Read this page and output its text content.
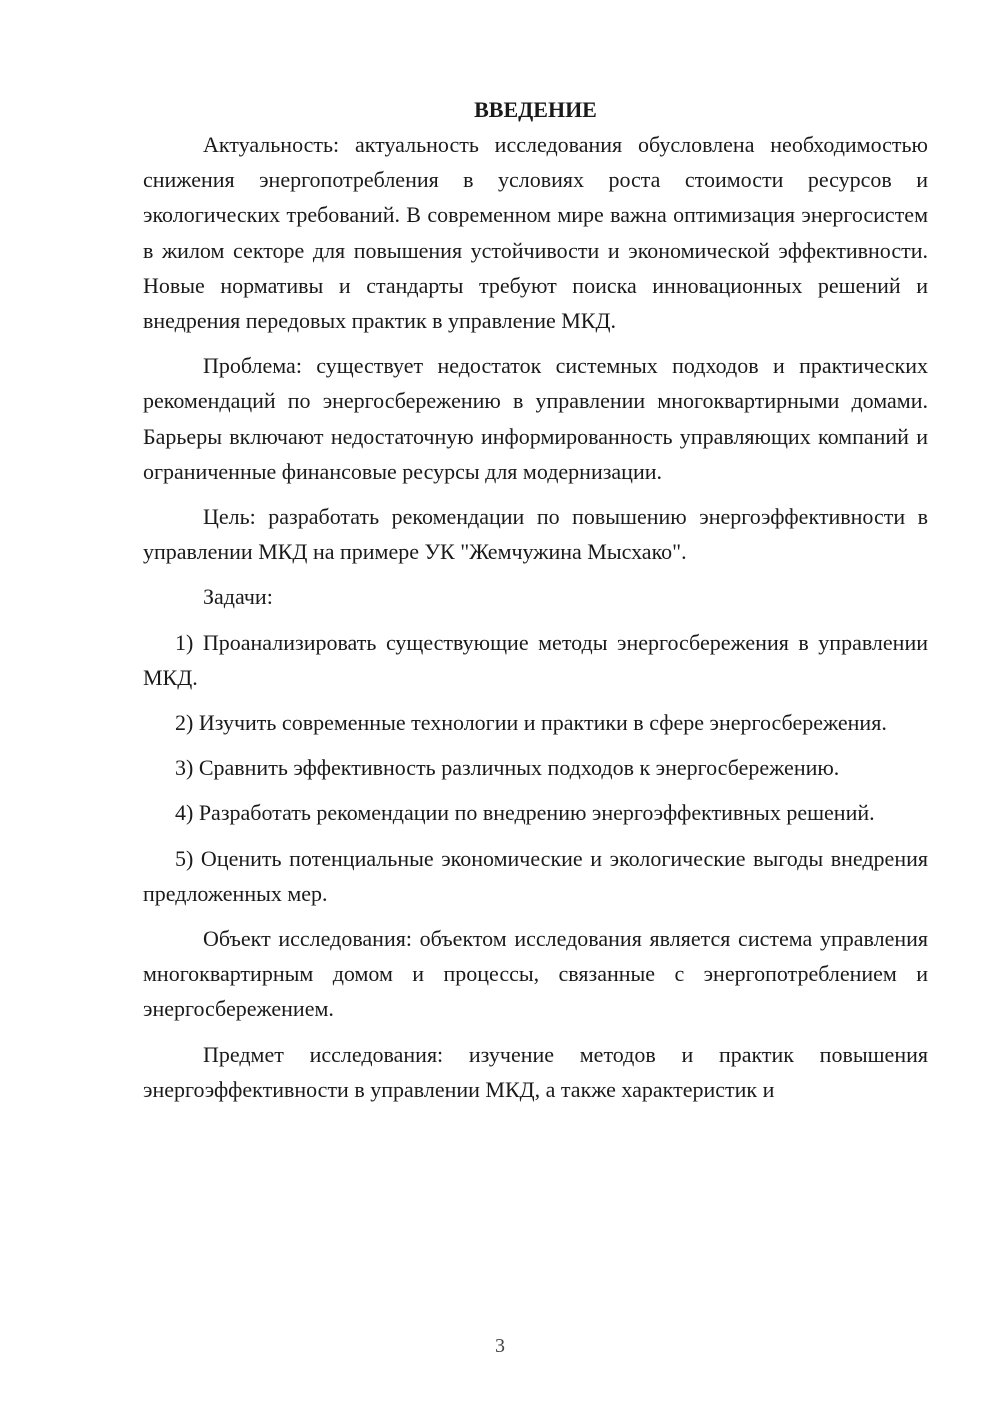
ВВЕДЕНИЕ

Актуальность: актуальность исследования обусловлена необходимостью снижения энергопотребления в условиях роста стоимости ресурсов и экологических требований. В современном мире важна оптимизация энергосистем в жилом секторе для повышения устойчивости и экономической эффективности. Новые нормативы и стандарты требуют поиска инновационных решений и внедрения передовых практик в управление МКД.

Проблема: существует недостаток системных подходов и практических рекомендаций по энергосбережению в управлении многоквартирными домами. Барьеры включают недостаточную информированность управляющих компаний и ограниченные финансовые ресурсы для модернизации.

Цель: разработать рекомендации по повышению энергоэффективности в управлении МКД на примере УК "Жемчужина Мысхако".

Задачи:

1) Проанализировать существующие методы энергосбережения в управлении МКД.

2) Изучить современные технологии и практики в сфере энергосбережения.

3) Сравнить эффективность различных подходов к энергосбережению.

4) Разработать рекомендации по внедрению энергоэффективных решений.

5) Оценить потенциальные экономические и экологические выгоды внедрения предложенных мер.

Объект исследования: объектом исследования является система управления многоквартирным домом и процессы, связанные с энергопотреблением и энергосбережением.

Предмет исследования: изучение методов и практик повышения энергоэффективности в управлении МКД, а также характеристик и

3
